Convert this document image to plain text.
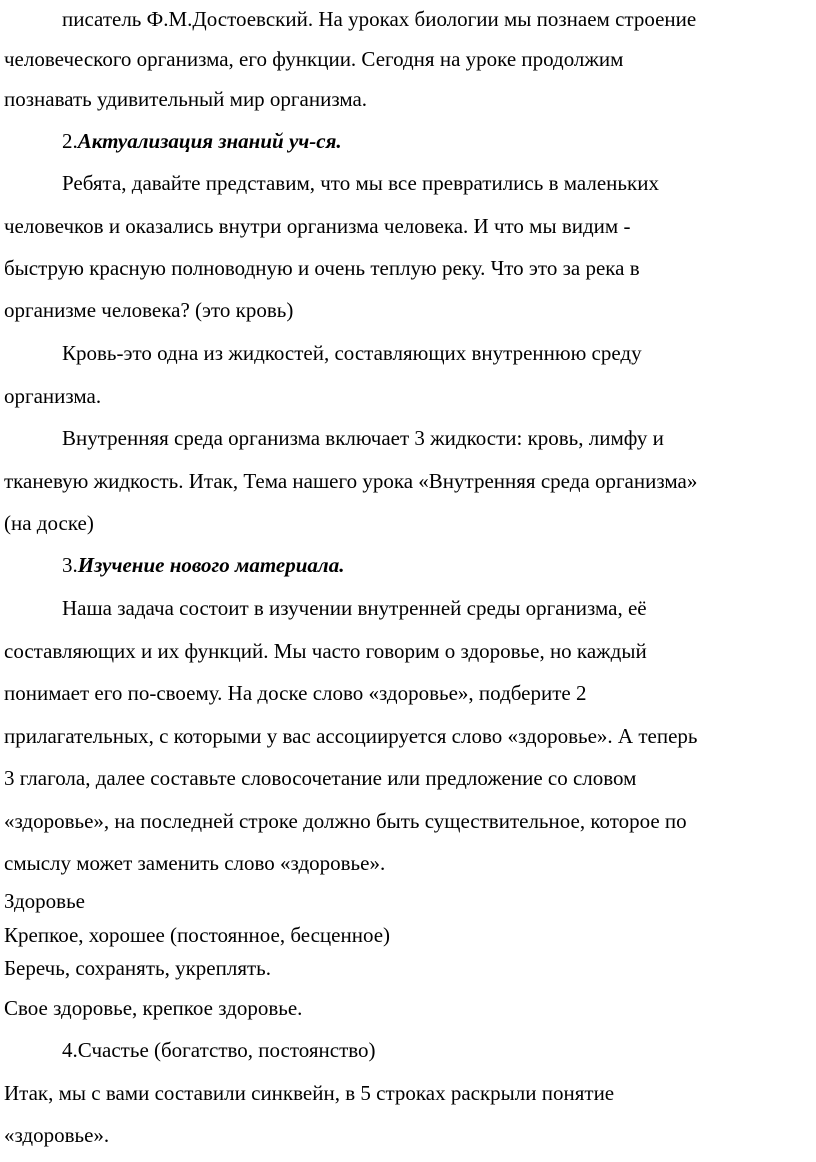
писатель Ф.М.Достоевский. На уроках биологии мы познаем строение
человеческого организма, его функции. Сегодня на уроке продолжим
познавать удивительный мир организма.
2.Актуализация знаний уч-ся.
Ребята, давайте представим, что мы все превратились в маленьких
человечков и оказались внутри организма человека. И что мы видим -
быструю красную полноводную и очень теплую реку. Что это за река в
организме человека? (это кровь)
Кровь-это одна из жидкостей, составляющих внутреннюю среду
организма.
Внутренняя среда организма включает 3 жидкости: кровь, лимфу и
тканевую жидкость. Итак, Тема нашего урока «Внутренняя среда организма»
(на доске)
3.Изучение нового материала.
Наша задача состоит в изучении внутренней среды организма, её
составляющих и их функций. Мы часто говорим о здоровье, но каждый
понимает его по-своему. На доске слово «здоровье», подберите 2
прилагательных, с которыми у вас ассоциируется слово «здоровье». А теперь
3 глагола, далее составьте словосочетание или предложение со словом
«здоровье», на последней строке должно быть существительное, которое по
смыслу может заменить слово «здоровье».
Здоровье
Крепкое, хорошее (постоянное, бесценное)
Беречь, сохранять, укреплять.
Свое здоровье, крепкое здоровье.
4.Счастье (богатство, постоянство)
Итак, мы с вами составили синквейн, в 5 строках раскрыли понятие
«здоровье».
